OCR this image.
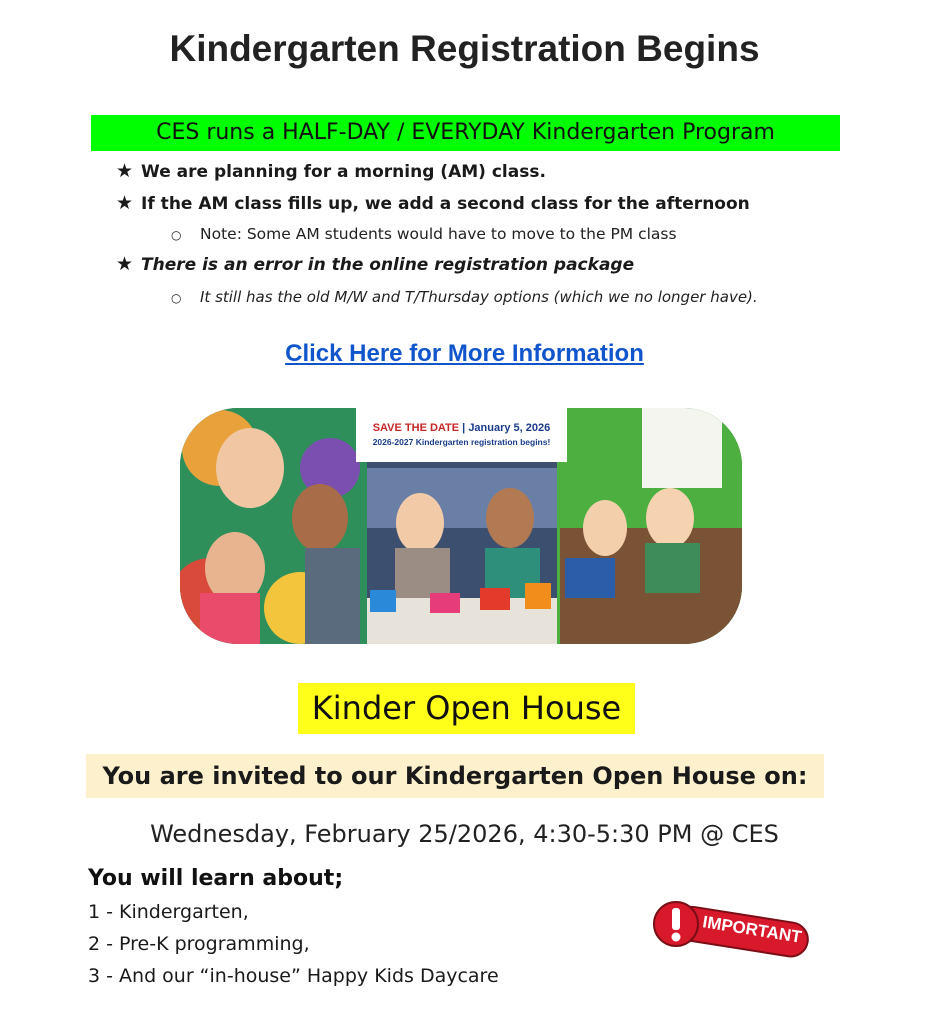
Kindergarten Registration Begins
CES runs a HALF-DAY / EVERYDAY Kindergarten Program
★ We are planning for a morning (AM) class.
★ If the AM class fills up, we add a second class for the afternoon
○ Note: Some AM students would have to move to the PM class
★ There is an error in the online registration package
○ It still has the old M/W and T/Thursday options (which we no longer have).
Click Here for More Information
SAVE THE DATE | January 5, 2026
2026-2027 Kindergarten registration begins!
Kinder Open House
You are invited to our Kindergarten Open House on:
Wednesday, February 25/2026, 4:30-5:30 PM @ CES
You will learn about;
1 - Kindergarten,
2 - Pre-K programming,
3 - And our “in-house” Happy Kids Daycare
IMPORTANT
